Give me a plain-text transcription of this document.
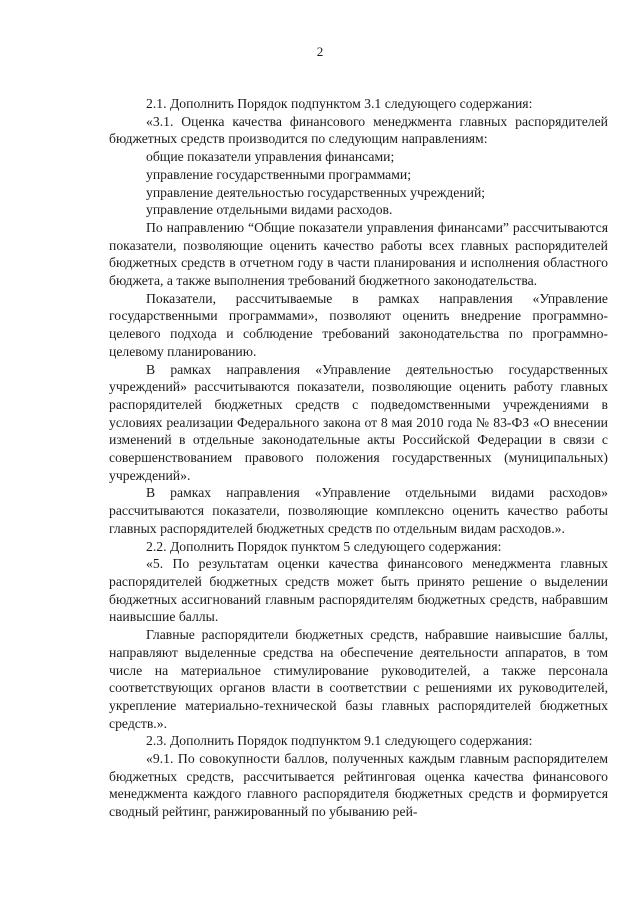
2

2.1. Дополнить Порядок подпунктом 3.1 следующего содержания:

«3.1. Оценка качества финансового менеджмента главных распорядителей бюджетных средств производится по следующим направлениям:

общие показатели управления финансами;

управление государственными программами;

управление деятельностью государственных учреждений;

управление отдельными видами расходов.

По направлению “Общие показатели управления финансами” рассчитываются показатели, позволяющие оценить качество работы всех главных распорядителей бюджетных средств в отчетном году в части планирования и исполнения областного бюджета, а также выполнения требований бюджетного законодательства.

Показатели, рассчитываемые в рамках направления «Управление государственными программами», позволяют оценить внедрение программно-целевого подхода и соблюдение требований законодательства по программно-целевому планированию.

В рамках направления «Управление деятельностью государственных учреждений» рассчитываются показатели, позволяющие оценить работу главных распорядителей бюджетных средств с подведомственными учреждениями в условиях реализации Федерального закона от 8 мая 2010 года № 83-ФЗ «О внесении изменений в отдельные законодательные акты Российской Федерации в связи с совершенствованием правового положения государственных (муниципальных) учреждений».

В рамках направления «Управление отдельными видами расходов» рассчитываются показатели, позволяющие комплексно оценить качество работы главных распорядителей бюджетных средств по отдельным видам расходов.».

2.2. Дополнить Порядок пунктом 5 следующего содержания:

«5. По результатам оценки качества финансового менеджмента главных распорядителей бюджетных средств может быть принято решение о выделении бюджетных ассигнований главным распорядителям бюджетных средств, набравшим наивысшие баллы.

Главные распорядители бюджетных средств, набравшие наивысшие баллы, направляют выделенные средства на обеспечение деятельности аппаратов, в том числе на материальное стимулирование руководителей, а также персонала соответствующих органов власти в соответствии с решениями их руководителей, укрепление материально-технической базы главных распорядителей бюджетных средств.».

2.3. Дополнить Порядок подпунктом 9.1 следующего содержания:

«9.1. По совокупности баллов, полученных каждым главным распорядителем бюджетных средств, рассчитывается рейтинговая оценка качества финансового менеджмента каждого главного распорядителя бюджетных средств и формируется сводный рейтинг, ранжированный по убыванию рей-
